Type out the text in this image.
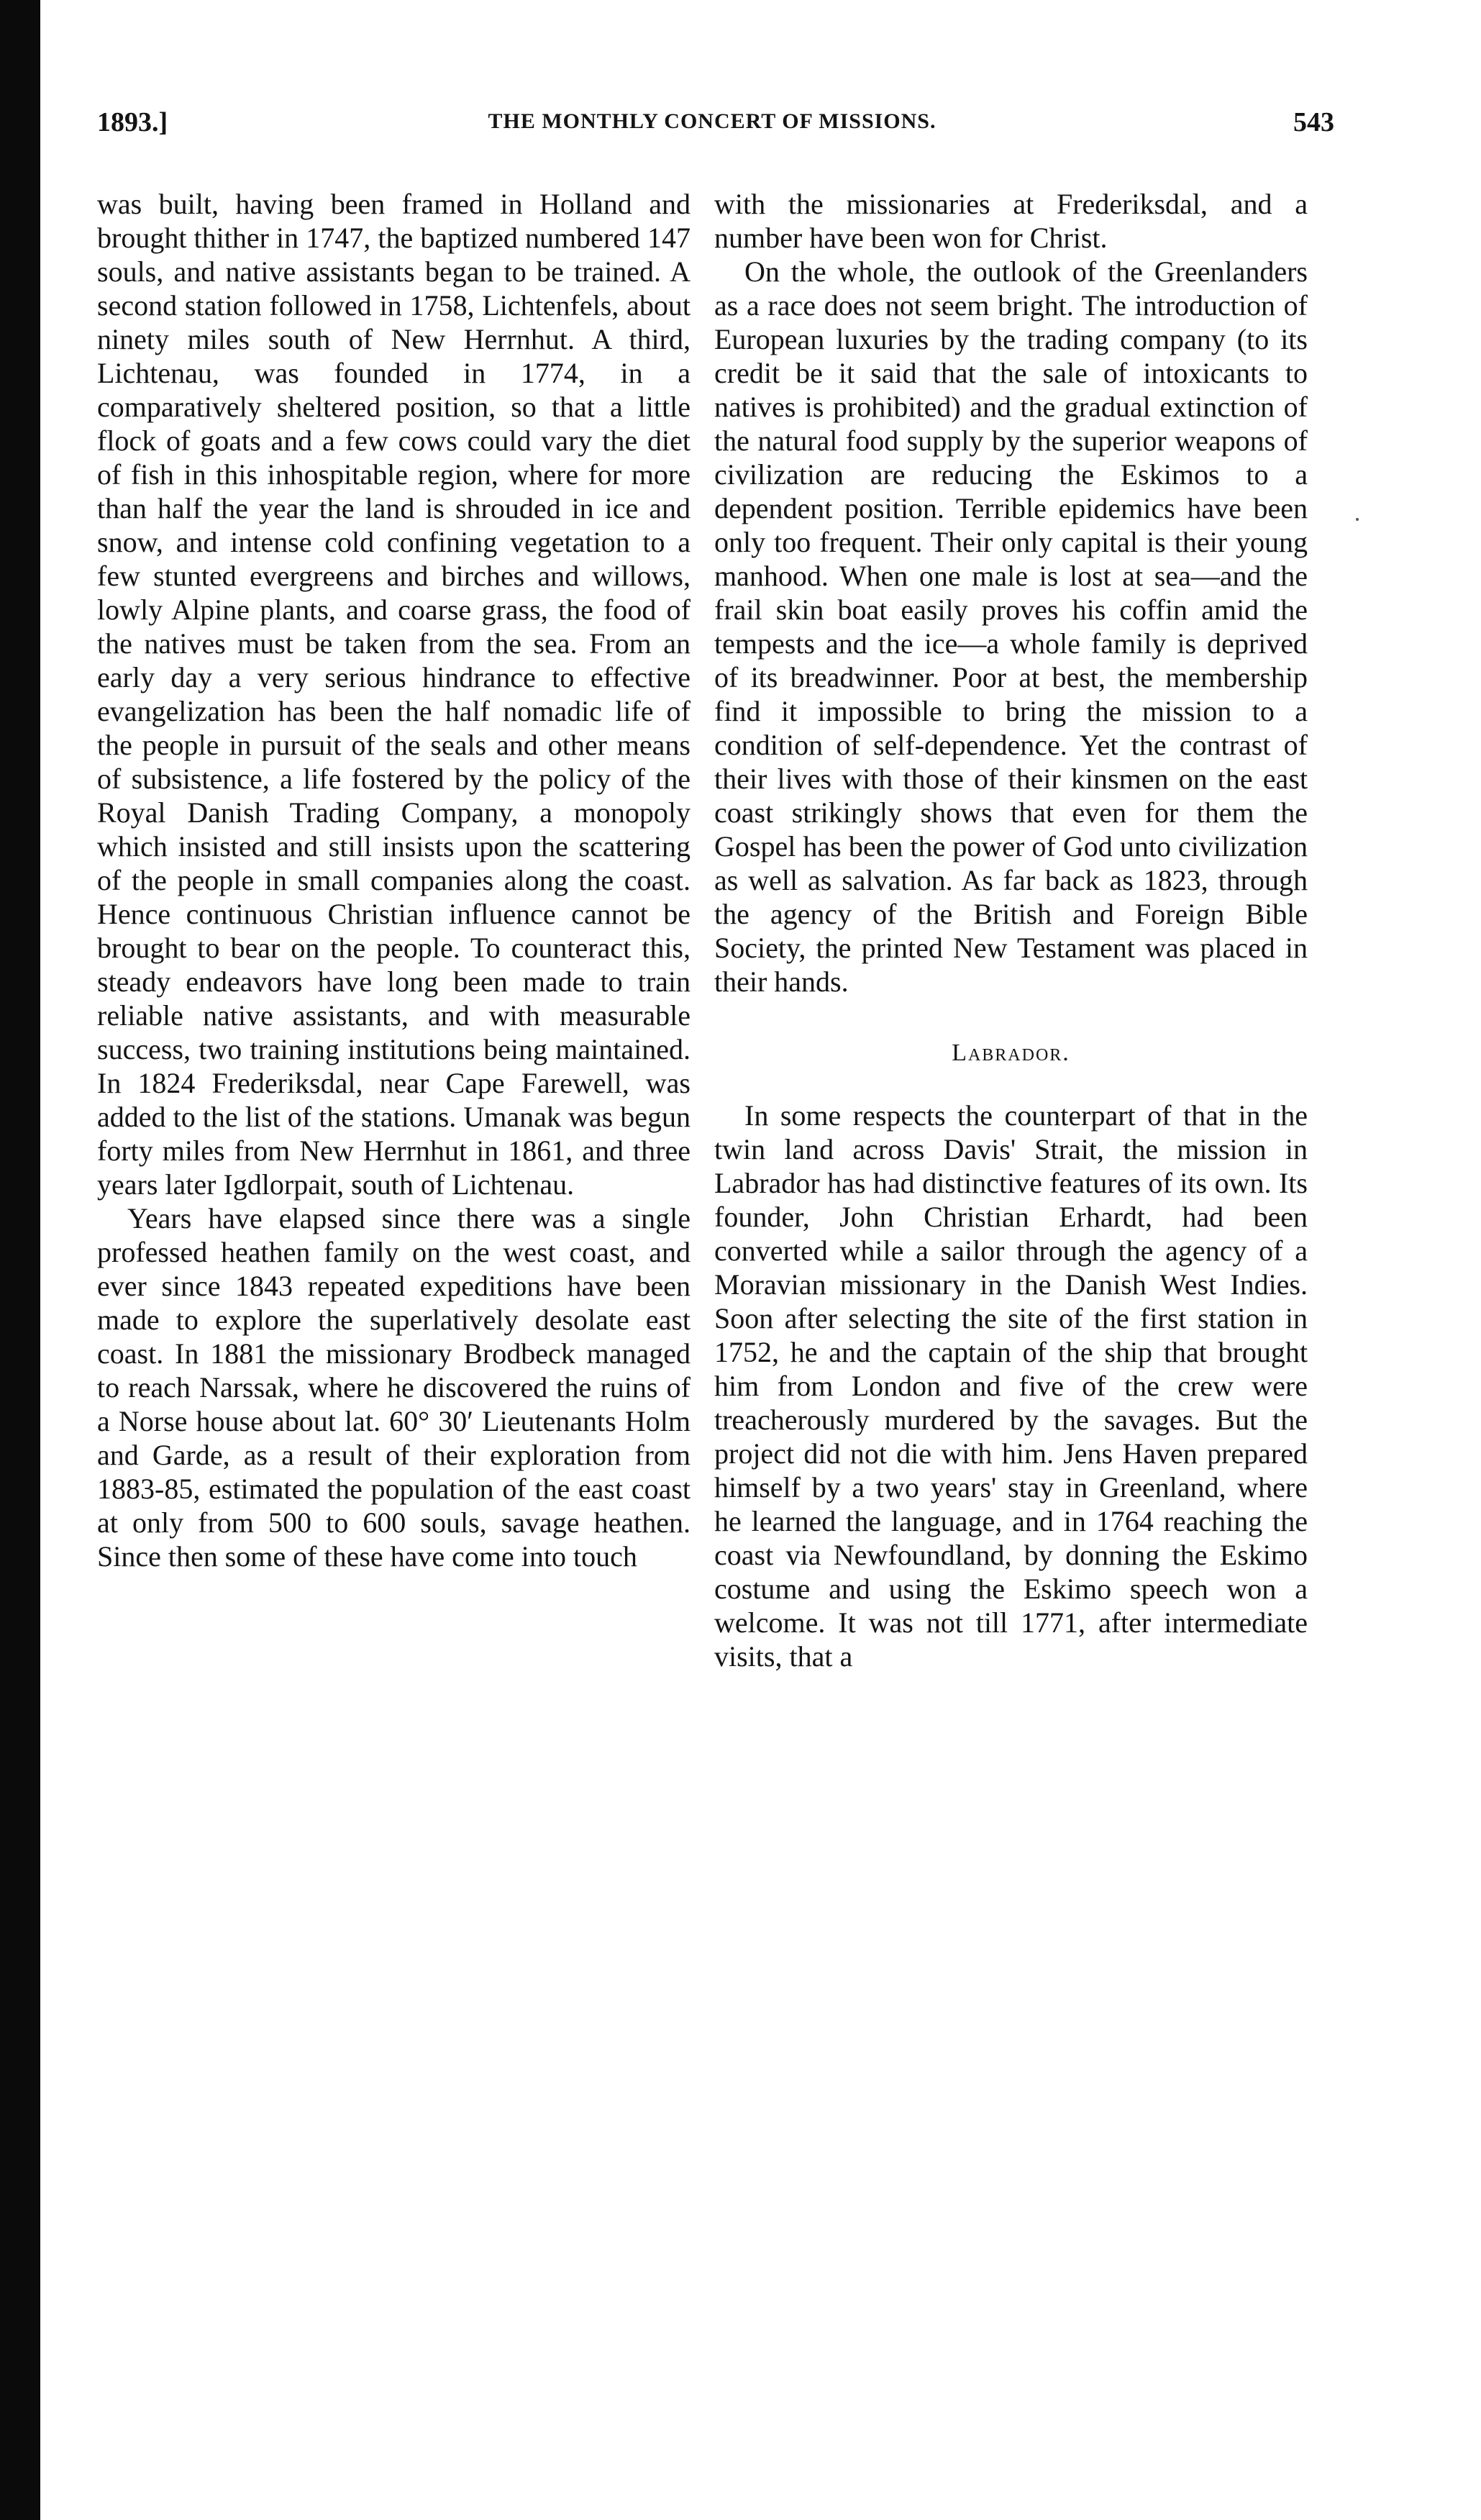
1893.]	THE MONTHLY CONCERT OF MISSIONS.	543

was built, having been framed in Holland and brought thither in 1747, the baptized numbered 147 souls, and native assistants began to be trained. A second station followed in 1758, Lichtenfels, about ninety miles south of New Herrnhut. A third, Lichtenau, was founded in 1774, in a comparatively sheltered position, so that a little flock of goats and a few cows could vary the diet of fish in this inhospitable region, where for more than half the year the land is shrouded in ice and snow, and intense cold confining vegetation to a few stunted evergreens and birches and willows, lowly Alpine plants, and coarse grass, the food of the natives must be taken from the sea. From an early day a very serious hindrance to effective evangelization has been the half nomadic life of the people in pursuit of the seals and other means of subsistence, a life fostered by the policy of the Royal Danish Trading Company, a monopoly which insisted and still insists upon the scattering of the people in small companies along the coast. Hence continuous Christian influence cannot be brought to bear on the people. To counteract this, steady endeavors have long been made to train reliable native assistants, and with measurable success, two training institutions being maintained. In 1824 Frederiksdal, near Cape Farewell, was added to the list of the stations. Umanak was begun forty miles from New Herrnhut in 1861, and three years later Igdlorpait, south of Lichtenau.

Years have elapsed since there was a single professed heathen family on the west coast, and ever since 1843 repeated expeditions have been made to explore the superlatively desolate east coast. In 1881 the missionary Brodbeck managed to reach Narssak, where he discovered the ruins of a Norse house about lat. 60° 30′ Lieutenants Holm and Garde, as a result of their exploration from 1883-85, estimated the population of the east coast at only from 500 to 600 souls, savage heathen. Since then some of these have come into touch

with the missionaries at Frederiksdal, and a number have been won for Christ.

On the whole, the outlook of the Greenlanders as a race does not seem bright. The introduction of European luxuries by the trading company (to its credit be it said that the sale of intoxicants to natives is prohibited) and the gradual extinction of the natural food supply by the superior weapons of civilization are reducing the Eskimos to a dependent position. Terrible epidemics have been only too frequent. Their only capital is their young manhood. When one male is lost at sea—and the frail skin boat easily proves his coffin amid the tempests and the ice—a whole family is deprived of its breadwinner. Poor at best, the membership find it impossible to bring the mission to a condition of self-dependence. Yet the contrast of their lives with those of their kinsmen on the east coast strikingly shows that even for them the Gospel has been the power of God unto civilization as well as salvation. As far back as 1823, through the agency of the British and Foreign Bible Society, the printed New Testament was placed in their hands.

Labrador.

In some respects the counterpart of that in the twin land across Davis' Strait, the mission in Labrador has had distinctive features of its own. Its founder, John Christian Erhardt, had been converted while a sailor through the agency of a Moravian missionary in the Danish West Indies. Soon after selecting the site of the first station in 1752, he and the captain of the ship that brought him from London and five of the crew were treacherously murdered by the savages. But the project did not die with him. Jens Haven prepared himself by a two years' stay in Greenland, where he learned the language, and in 1764 reaching the coast via Newfoundland, by donning the Eskimo costume and using the Eskimo speech won a welcome. It was not till 1771, after intermediate visits, that a
